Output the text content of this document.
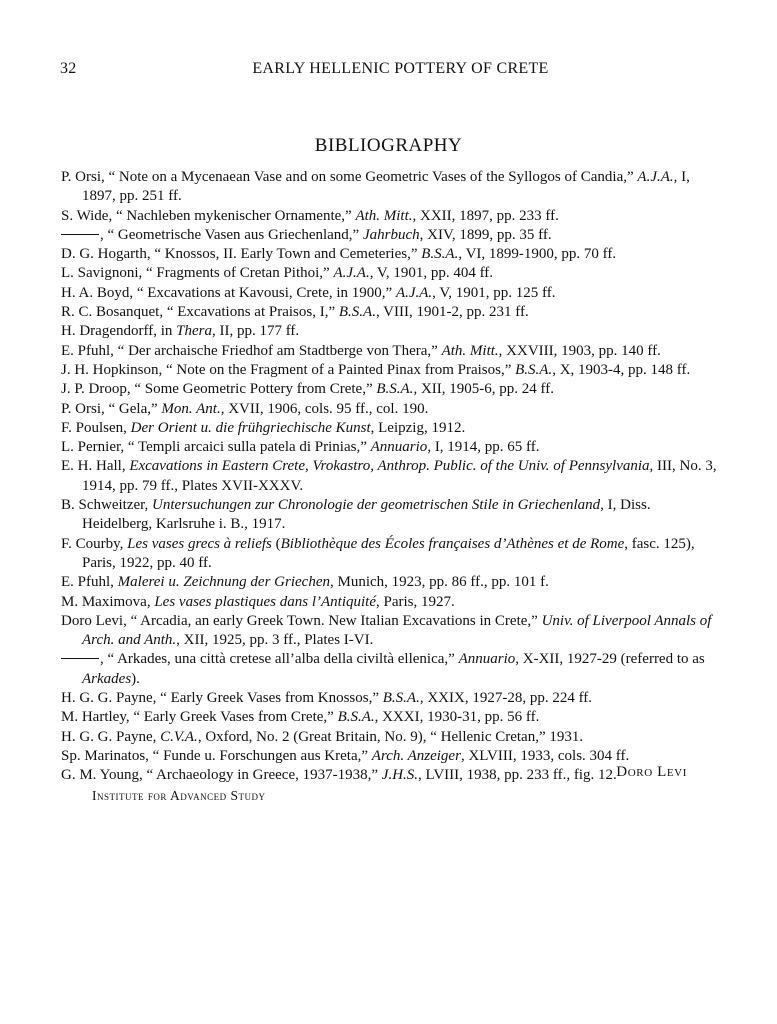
32	EARLY HELLENIC POTTERY OF CRETE
BIBLIOGRAPHY
P. Orsi, “ Note on a Mycenaean Vase and on some Geometric Vases of the Syllogos of Candia,” A.J.A., I, 1897, pp. 251 ff.
S. Wide, “ Nachleben mykenischer Ornamente,” Ath. Mitt., XXII, 1897, pp. 233 ff.
, “ Geometrische Vasen aus Griechenland,” Jahrbuch, XIV, 1899, pp. 35 ff.
D. G. Hogarth, “ Knossos, II. Early Town and Cemeteries,” B.S.A., VI, 1899-1900, pp. 70 ff.
L. Savignoni, “ Fragments of Cretan Pithoi,” A.J.A., V, 1901, pp. 404 ff.
H. A. Boyd, “ Excavations at Kavousi, Crete, in 1900,” A.J.A., V, 1901, pp. 125 ff.
R. C. Bosanquet, “ Excavations at Praisos, I,” B.S.A., VIII, 1901-2, pp. 231 ff.
H. Dragendorff, in Thera, II, pp. 177 ff.
E. Pfuhl, “ Der archaische Friedhof am Stadtberge von Thera,” Ath. Mitt., XXVIII, 1903, pp. 140 ff.
J. H. Hopkinson, “ Note on the Fragment of a Painted Pinax from Praisos,” B.S.A., X, 1903-4, pp. 148 ff.
J. P. Droop, “ Some Geometric Pottery from Crete,” B.S.A., XII, 1905-6, pp. 24 ff.
P. Orsi, “ Gela,” Mon. Ant., XVII, 1906, cols. 95 ff., col. 190.
F. Poulsen, Der Orient u. die frühgriechische Kunst, Leipzig, 1912.
L. Pernier, “ Templi arcaici sulla patela di Prinias,” Annuario, I, 1914, pp. 65 ff.
E. H. Hall, Excavations in Eastern Crete, Vrokastro, Anthrop. Public. of the Univ. of Pennsylvania, III, No. 3, 1914, pp. 79 ff., Plates XVII-XXXV.
B. Schweitzer, Untersuchungen zur Chronologie der geometrischen Stile in Griechenland, I, Diss. Heidelberg, Karlsruhe i. B., 1917.
F. Courby, Les vases grecs à reliefs (Bibliothèque des Écoles françaises d’Athènes et de Rome, fasc. 125), Paris, 1922, pp. 40 ff.
E. Pfuhl, Malerei u. Zeichnung der Griechen, Munich, 1923, pp. 86 ff., pp. 101 f.
M. Maximova, Les vases plastiques dans l’Antiquité, Paris, 1927.
Doro Levi, “ Arcadia, an early Greek Town. New Italian Excavations in Crete,” Univ. of Liverpool Annals of Arch. and Anth., XII, 1925, pp. 3 ff., Plates I-VI.
, “ Arkades, una città cretese all’alba della civiltà ellenica,” Annuario, X-XII, 1927-29 (referred to as Arkades).
H. G. G. Payne, “ Early Greek Vases from Knossos,” B.S.A., XXIX, 1927-28, pp. 224 ff.
M. Hartley, “ Early Greek Vases from Crete,” B.S.A., XXXI, 1930-31, pp. 56 ff.
H. G. G. Payne, C.V.A., Oxford, No. 2 (Great Britain, No. 9), “ Hellenic Cretan,” 1931.
Sp. Marinatos, “ Funde u. Forschungen aus Kreta,” Arch. Anzeiger, XLVIII, 1933, cols. 304 ff.
G. M. Young, “ Archaeology in Greece, 1937-1938,” J.H.S., LVIII, 1938, pp. 233 ff., fig. 12. Doro Levi
Institute for Advanced Study
